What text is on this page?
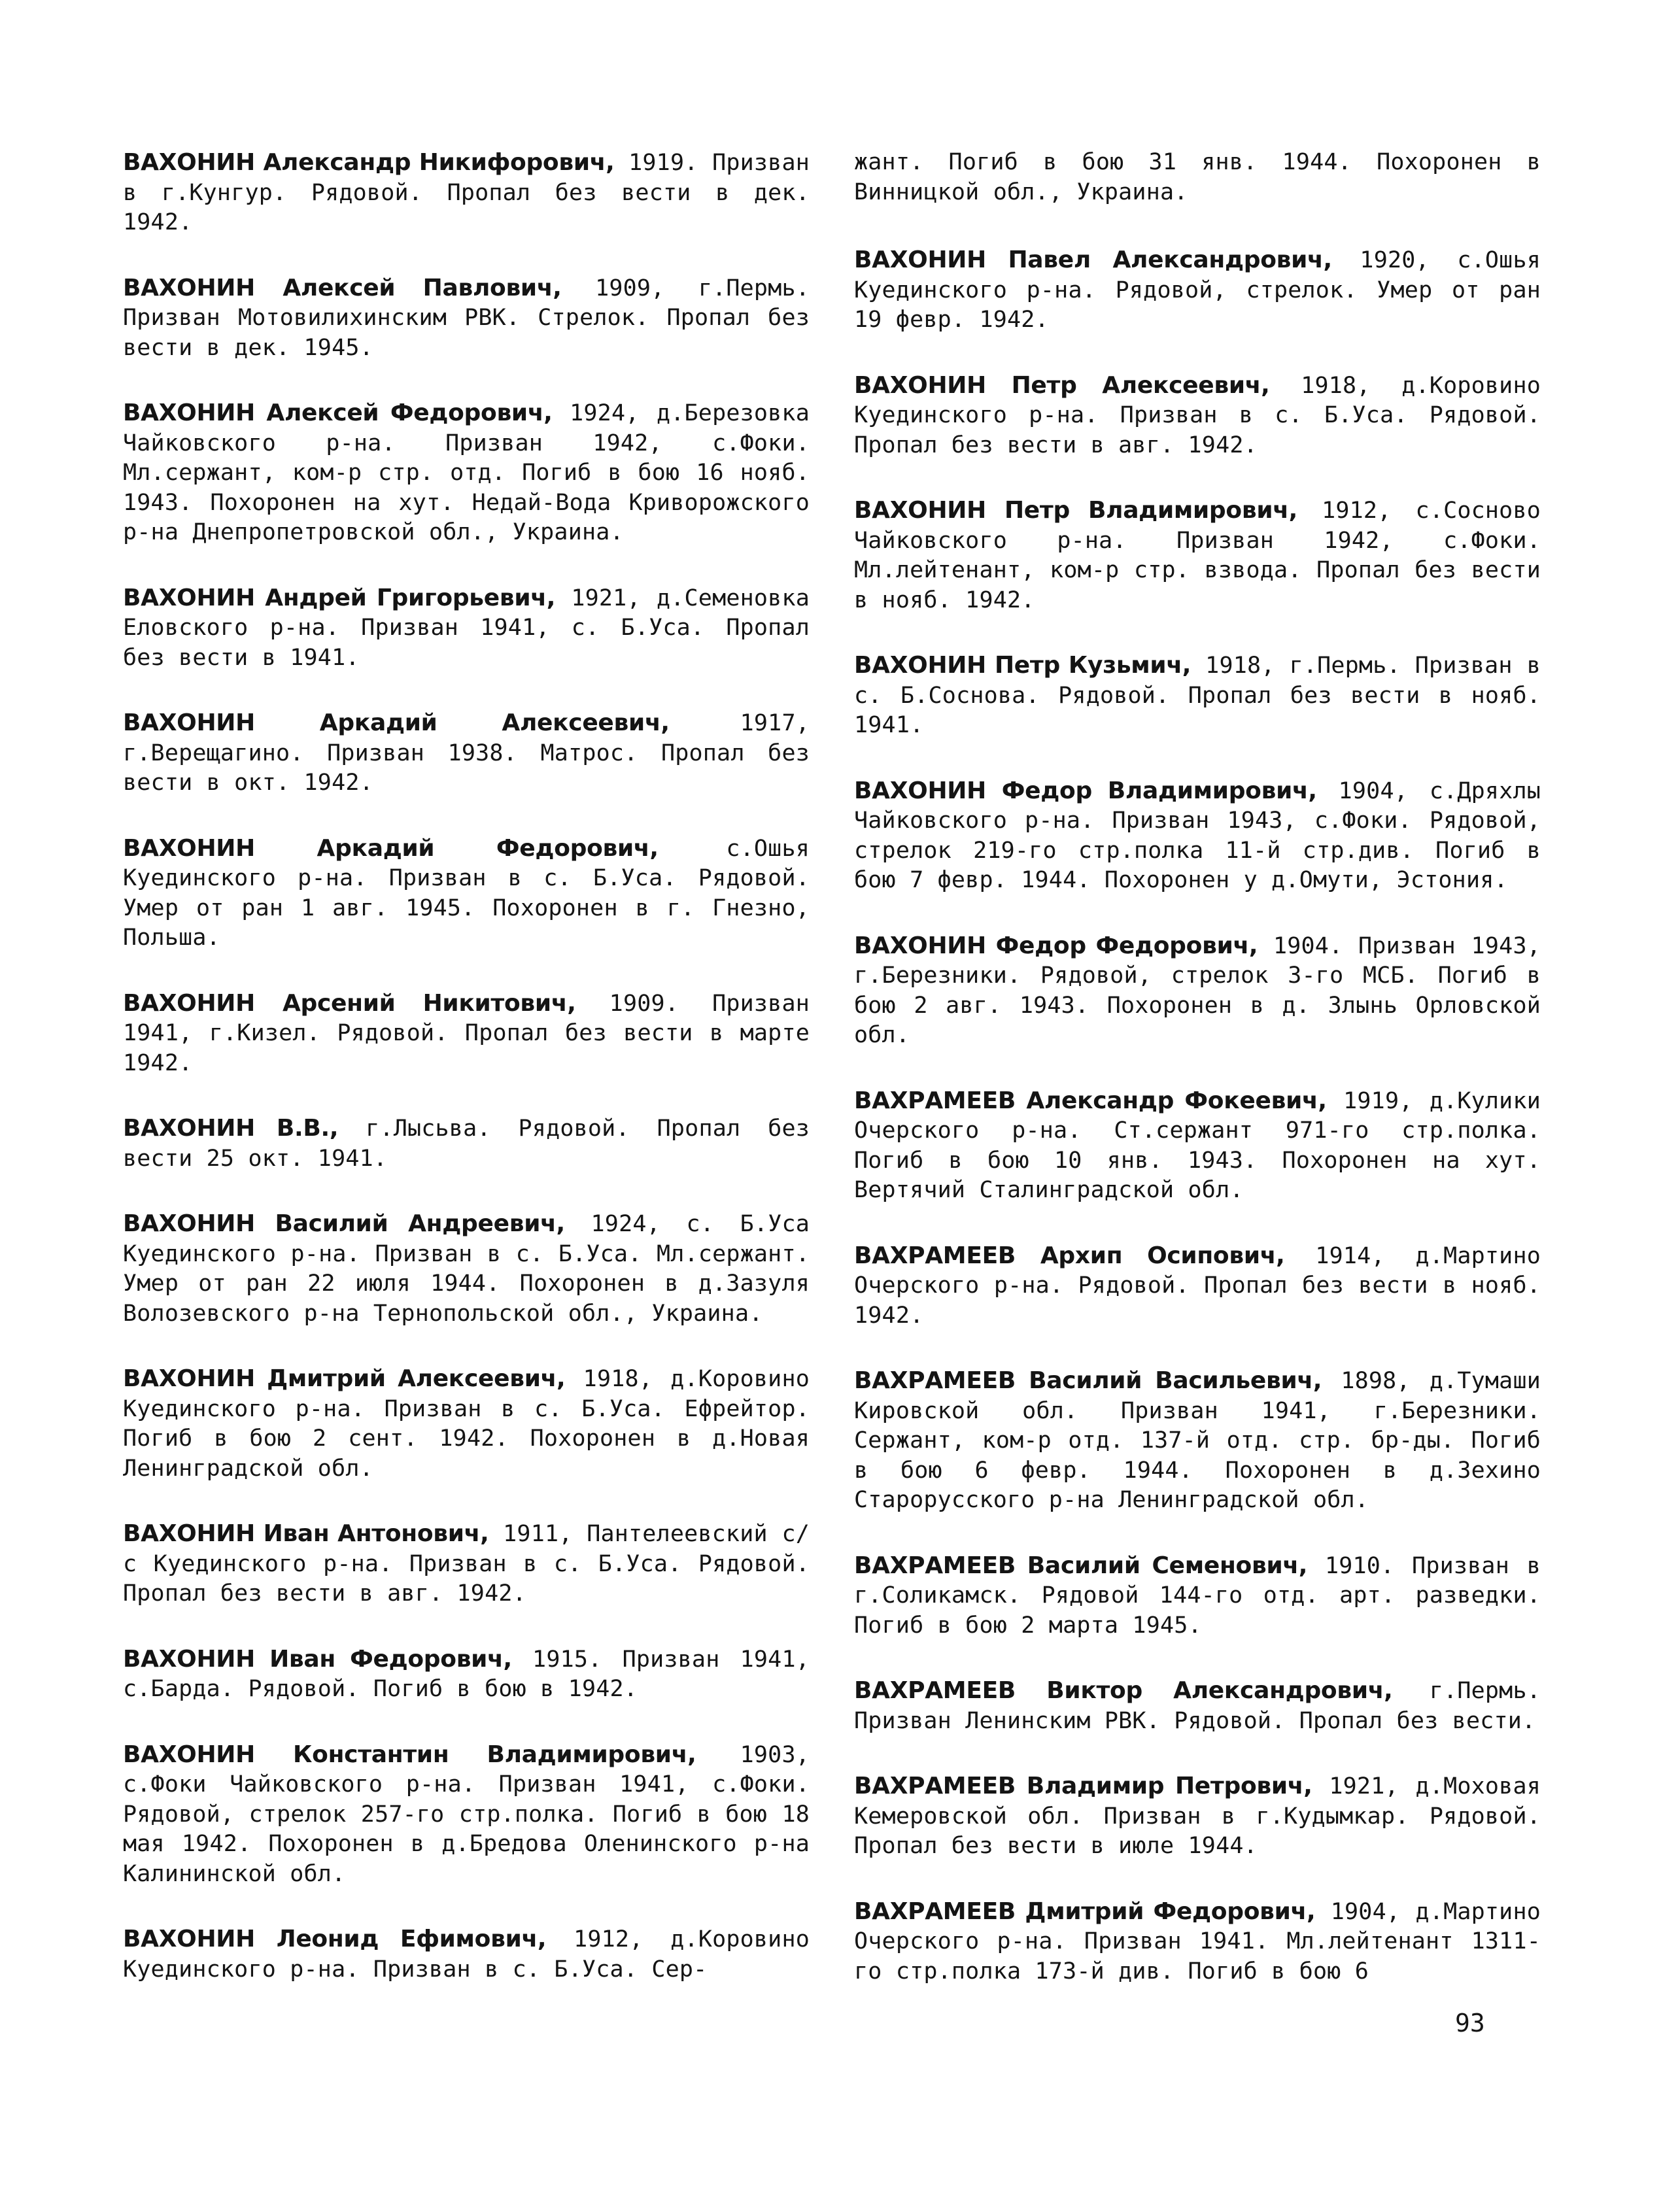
ВАХОНИН Александр Никифорович, 1919. Призван в г.Кунгур. Рядовой. Пропал без вести в дек. 1942.

ВАХОНИН Алексей Павлович, 1909, г.Пермь. Призван Мотовилихинским РВК. Стрелок. Пропал без вести в дек. 1945.

ВАХОНИН Алексей Федорович, 1924, д.Березовка Чайковского р-на. Призван 1942, с.Фоки. Мл.сержант, ком-р стр. отд. Погиб в бою 16 нояб. 1943. Похоронен на хут. Недай-Вода Криворожского р-на Днепропетровской обл., Украина.

ВАХОНИН Андрей Григорьевич, 1921, д.Семеновка Еловского р-на. Призван 1941, с. Б.Уса. Пропал без вести в 1941.

ВАХОНИН Аркадий Алексеевич, 1917, г.Верещагино. Призван 1938. Матрос. Пропал без вести в окт. 1942.

ВАХОНИН Аркадий Федорович, с.Ошья Куединского р-на. Призван в с. Б.Уса. Рядовой. Умер от ран 1 авг. 1945. Похоронен в г. Гнезно, Польша.

ВАХОНИН Арсений Никитович, 1909. Призван 1941, г.Кизел. Рядовой. Пропал без вести в марте 1942.

ВАХОНИН В.В., г.Лысьва. Рядовой. Пропал без вести 25 окт. 1941.

ВАХОНИН Василий Андреевич, 1924, с. Б.Уса Куединского р-на. Призван в с. Б.Уса. Мл.сержант. Умер от ран 22 июля 1944. Похоронен в д.Зазуля Волозевского р-на Тернопольской обл., Украина.

ВАХОНИН Дмитрий Алексеевич, 1918, д.Коровино Куединского р-на. Призван в с. Б.Уса. Ефрейтор. Погиб в бою 2 сент. 1942. Похоронен в д.Новая Ленинградской обл.

ВАХОНИН Иван Антонович, 1911, Пантелеевский с/с Куединского р-на. Призван в с. Б.Уса. Рядовой. Пропал без вести в авг. 1942.

ВАХОНИН Иван Федорович, 1915. Призван 1941, с.Барда. Рядовой. Погиб в бою в 1942.

ВАХОНИН Константин Владимирович, 1903, с.Фоки Чайковского р-на. Призван 1941, с.Фоки. Рядовой, стрелок 257-го стр.полка. Погиб в бою 18 мая 1942. Похоронен в д.Бредова Оленинского р-на Калининской обл.

ВАХОНИН Леонид Ефимович, 1912, д.Коровино Куединского р-на. Призван в с. Б.Уса. Сер-

жант. Погиб в бою 31 янв. 1944. Похоронен в Винницкой обл., Украина.

ВАХОНИН Павел Александрович, 1920, с.Ошья Куединского р-на. Рядовой, стрелок. Умер от ран 19 февр. 1942.

ВАХОНИН Петр Алексеевич, 1918, д.Коровино Куединского р-на. Призван в с. Б.Уса. Рядовой. Пропал без вести в авг. 1942.

ВАХОНИН Петр Владимирович, 1912, с.Сосново Чайковского р-на. Призван 1942, с.Фоки. Мл.лейтенант, ком-р стр. взвода. Пропал без вести в нояб. 1942.

ВАХОНИН Петр Кузьмич, 1918, г.Пермь. Призван в с. Б.Соснова. Рядовой. Пропал без вести в нояб. 1941.

ВАХОНИН Федор Владимирович, 1904, с.Дряхлы Чайковского р-на. Призван 1943, с.Фоки. Рядовой, стрелок 219-го стр.полка 11-й стр.див. Погиб в бою 7 февр. 1944. Похоронен у д.Омути, Эстония.

ВАХОНИН Федор Федорович, 1904. Призван 1943, г.Березники. Рядовой, стрелок 3-го МСБ. Погиб в бою 2 авг. 1943. Похоронен в д. Злынь Орловской обл.

ВАХРАМЕЕВ Александр Фокеевич, 1919, д.Кулики Очерского р-на. Ст.сержант 971-го стр.полка. Погиб в бою 10 янв. 1943. Похоронен на хут. Вертячий Сталинградской обл.

ВАХРАМЕЕВ Архип Осипович, 1914, д.Мартино Очерского р-на. Рядовой. Пропал без вести в нояб. 1942.

ВАХРАМЕЕВ Василий Васильевич, 1898, д.Тумаши Кировской обл. Призван 1941, г.Березники. Сержант, ком-р отд. 137-й отд. стр. бр-ды. Погиб в бою 6 февр. 1944. Похоронен в д.Зехино Старорусского р-на Ленинградской обл.

ВАХРАМЕЕВ Василий Семенович, 1910. Призван в г.Соликамск. Рядовой 144-го отд. арт. разведки. Погиб в бою 2 марта 1945.

ВАХРАМЕЕВ Виктор Александрович, г.Пермь. Призван Ленинским РВК. Рядовой. Пропал без вести.

ВАХРАМЕЕВ Владимир Петрович, 1921, д.Моховая Кемеровской обл. Призван в г.Кудымкар. Рядовой. Пропал без вести в июле 1944.

ВАХРАМЕЕВ Дмитрий Федорович, 1904, д.Мартино Очерского р-на. Призван 1941. Мл.лейтенант 1311-го стр.полка 173-й див. Погиб в бою 6

93
